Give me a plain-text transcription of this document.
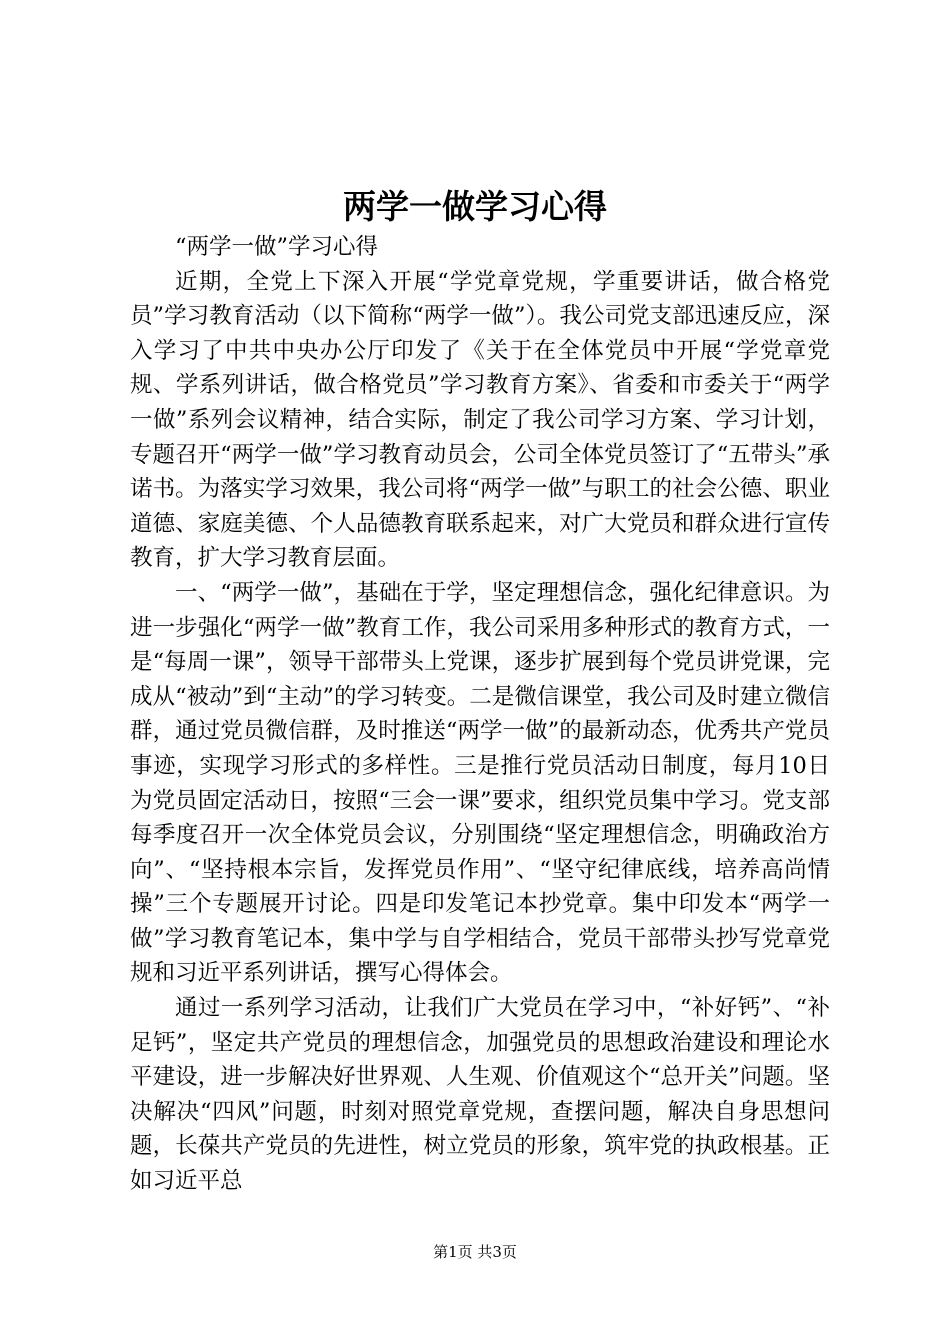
两学一做学习心得

“两学一做”学习心得

近期，全党上下深入开展“学党章党规，学重要讲话，做合格党员”学习教育活动（以下简称“两学一做”）。我公司党支部迅速反应，深入学习了中共中央办公厅印发了《关于在全体党员中开展“学党章党规、学系列讲话，做合格党员”学习教育方案》、省委和市委关于“两学一做”系列会议精神，结合实际，制定了我公司学习方案、学习计划，专题召开“两学一做”学习教育动员会，公司全体党员签订了“五带头”承诺书。为落实学习效果，我公司将“两学一做”与职工的社会公德、职业道德、家庭美德、个人品德教育联系起来，对广大党员和群众进行宣传教育，扩大学习教育层面。

一、“两学一做”，基础在于学，坚定理想信念，强化纪律意识。为进一步强化“两学一做”教育工作，我公司采用多种形式的教育方式，一是“每周一课”，领导干部带头上党课，逐步扩展到每个党员讲党课，完成从“被动”到“主动”的学习转变。二是微信课堂，我公司及时建立微信群，通过党员微信群，及时推送“两学一做”的最新动态，优秀共产党员事迹，实现学习形式的多样性。三是推行党员活动日制度，每月10日为党员固定活动日，按照“三会一课”要求，组织党员集中学习。党支部每季度召开一次全体党员会议，分别围绕“坚定理想信念，明确政治方向”、“坚持根本宗旨，发挥党员作用”、“坚守纪律底线，培养高尚情操”三个专题展开讨论。四是印发笔记本抄党章。集中印发本“两学一做”学习教育笔记本，集中学与自学相结合，党员干部带头抄写党章党规和习近平系列讲话，撰写心得体会。

通过一系列学习活动，让我们广大党员在学习中，“补好钙”、“补足钙”，坚定共产党员的理想信念，加强党员的思想政治建设和理论水平建设，进一步解决好世界观、人生观、价值观这个“总开关”问题。坚决解决“四风”问题，时刻对照党章党规，查摆问题，解决自身思想问题，长葆共产党员的先进性，树立党员的形象，筑牢党的执政根基。正如习近平总

第1页 共3页
